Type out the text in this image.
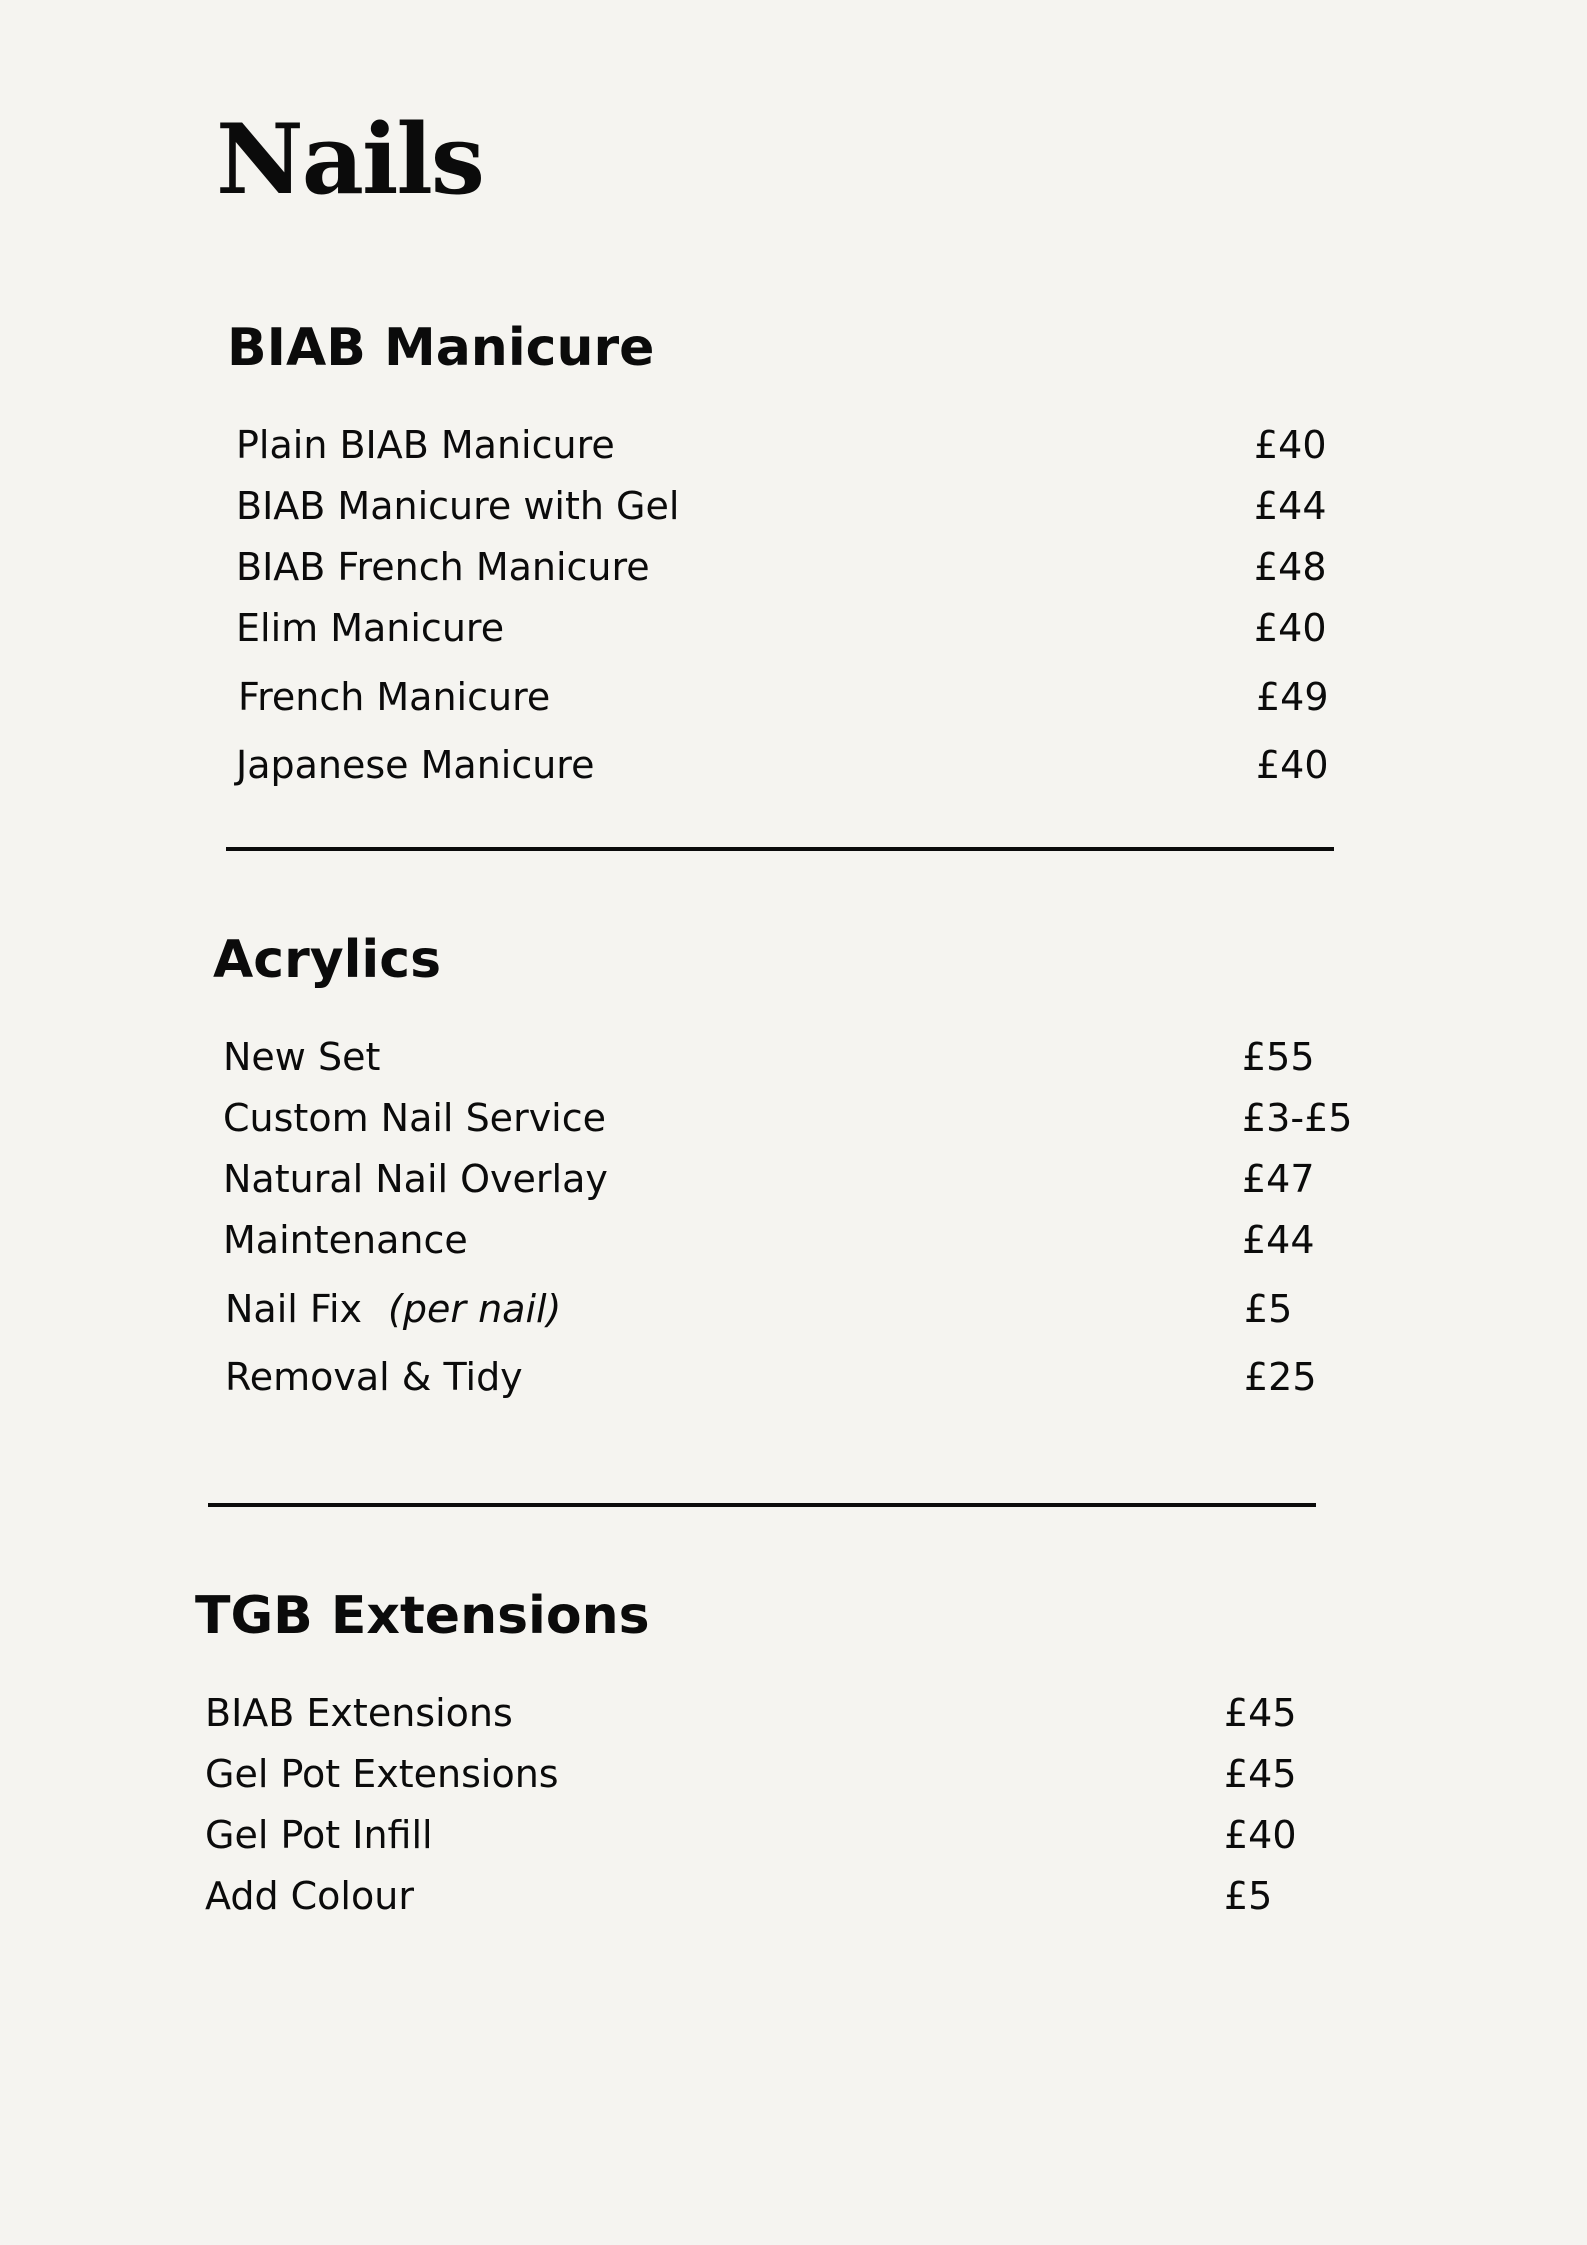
Nails
BIAB Manicure
Plain BIAB Manicure	£40
BIAB Manicure with Gel	£44
BIAB French Manicure	£48
Elim Manicure	£40
French Manicure	£49
Japanese Manicure	£40
Acrylics
New Set	£55
Custom Nail Service	£3-£5
Natural Nail Overlay	£47
Maintenance	£44
Nail Fix (per nail)	£5
Removal & Tidy	£25
TGB Extensions
BIAB Extensions	£45
Gel Pot Extensions	£45
Gel Pot Infill	£40
Add Colour	£5
